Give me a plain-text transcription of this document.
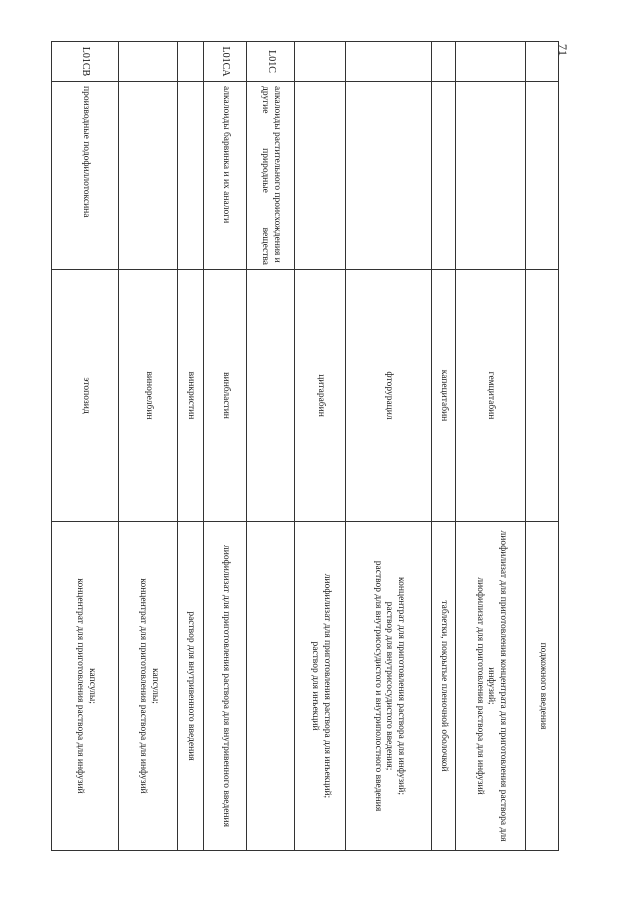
71

			подкожного введения

		гемцитабин	лиофилизат для приготовления концентрата для приготовления раствора для инфузий;
лиофилизат для приготовления раствора для инфузий

		капецитабин	таблетки, покрытые пленочной оболочкой

		фторурацил	концентрат для приготовления раствора для инфузий;
раствор для внутрисосудистого введения;
раствор для внутрисосудистого и внутриполостного введения

		цитарабин	лиофилизат для приготовления раствора для инъекций;
раствор для инъекций

L01C	алкалоиды растительного происхождения и другие природные вещества		
L01CA	алкалоиды барвинка и их аналоги	винбластин	лиофилизат для приготовления раствора для внутривенного введения

		винкристин	раствор для внутривенного введения

		винорелбин	капсулы;
концентрат для приготовления раствора для инфузий

L01CB	производные подофиллотоксина	этопозид	капсулы;
концентрат для приготовления раствора для инфузий
